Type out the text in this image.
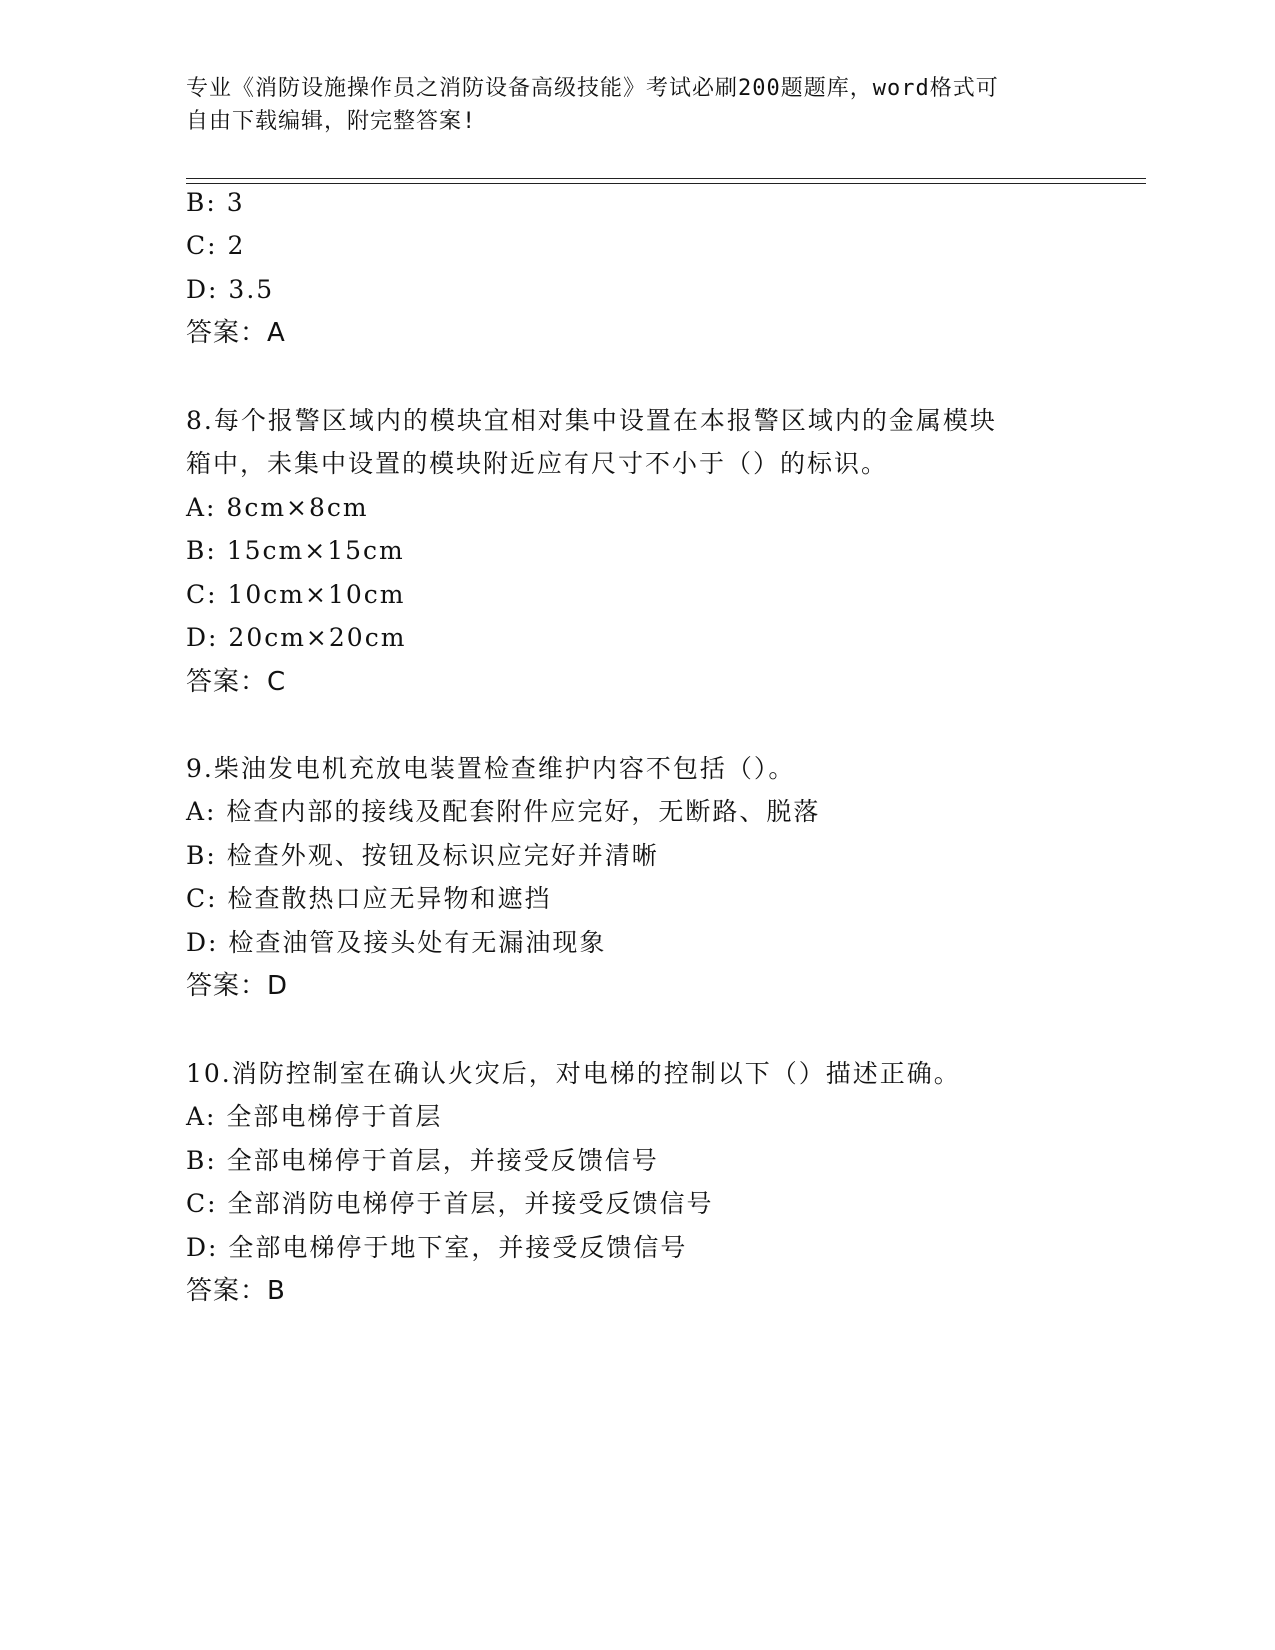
专业《消防设施操作员之消防设备高级技能》考试必刷200题题库，word格式可
自由下载编辑，附完整答案!
B: 3
C: 2
D: 3.5
答案：A
8.每个报警区域内的模块宜相对集中设置在本报警区域内的金属模块
箱中，未集中设置的模块附近应有尺寸不小于（）的标识。
A: 8cm×8cm
B: 15cm×15cm
C: 10cm×10cm
D: 20cm×20cm
答案：C
9.柴油发电机充放电装置检查维护内容不包括（）。
A: 检查内部的接线及配套附件应完好，无断路、脱落
B: 检查外观、按钮及标识应完好并清晰
C: 检查散热口应无异物和遮挡
D: 检查油管及接头处有无漏油现象
答案：D
10.消防控制室在确认火灾后，对电梯的控制以下（）描述正确。
A: 全部电梯停于首层
B: 全部电梯停于首层，并接受反馈信号
C: 全部消防电梯停于首层，并接受反馈信号
D: 全部电梯停于地下室，并接受反馈信号
答案：B
